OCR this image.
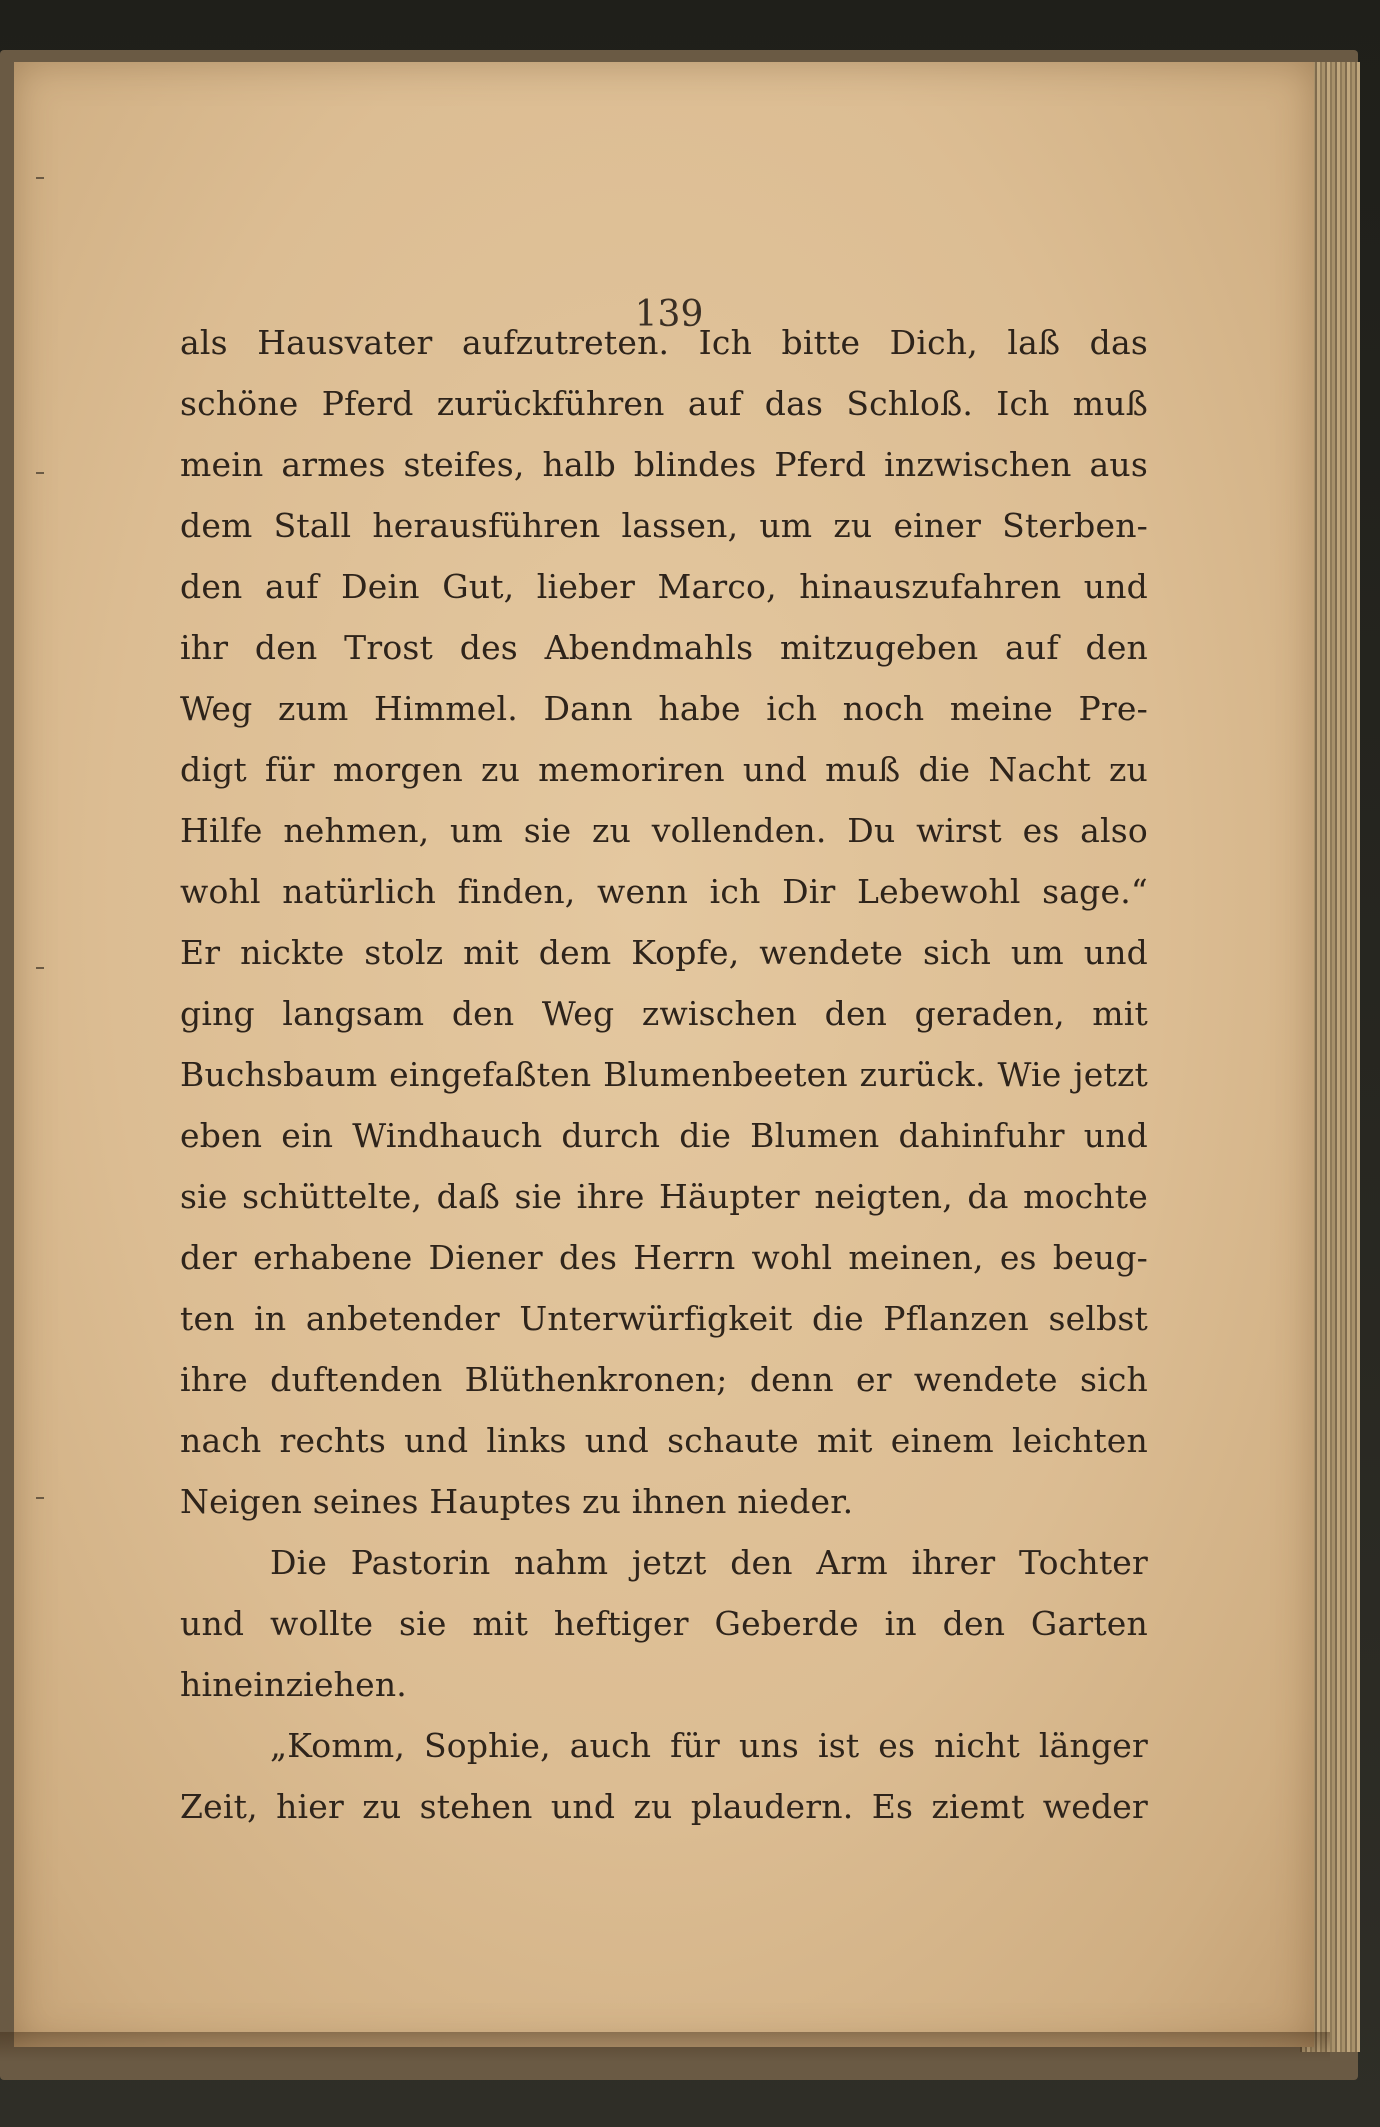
139
als Hausvater aufzutreten. Ich bitte Dich, laß das
schöne Pferd zurückführen auf das Schloß. Ich muß
mein armes steifes, halb blindes Pferd inzwischen aus
dem Stall herausführen lassen, um zu einer Sterben-
den auf Dein Gut, lieber Marco, hinauszufahren und
ihr den Trost des Abendmahls mitzugeben auf den
Weg zum Himmel. Dann habe ich noch meine Pre-
digt für morgen zu memoriren und muß die Nacht zu
Hilfe nehmen, um sie zu vollenden. Du wirst es also
wohl natürlich finden, wenn ich Dir Lebewohl sage.“
Er nickte stolz mit dem Kopfe, wendete sich um und
ging langsam den Weg zwischen den geraden, mit
Buchsbaum eingefaßten Blumenbeeten zurück. Wie jetzt
eben ein Windhauch durch die Blumen dahinfuhr und
sie schüttelte, daß sie ihre Häupter neigten, da mochte
der erhabene Diener des Herrn wohl meinen, es beug-
ten in anbetender Unterwürfigkeit die Pflanzen selbst
ihre duftenden Blüthenkronen; denn er wendete sich
nach rechts und links und schaute mit einem leichten
Neigen seines Hauptes zu ihnen nieder.
Die Pastorin nahm jetzt den Arm ihrer Tochter
und wollte sie mit heftiger Geberde in den Garten
hineinziehen.
„Komm, Sophie, auch für uns ist es nicht länger
Zeit, hier zu stehen und zu plaudern. Es ziemt weder
